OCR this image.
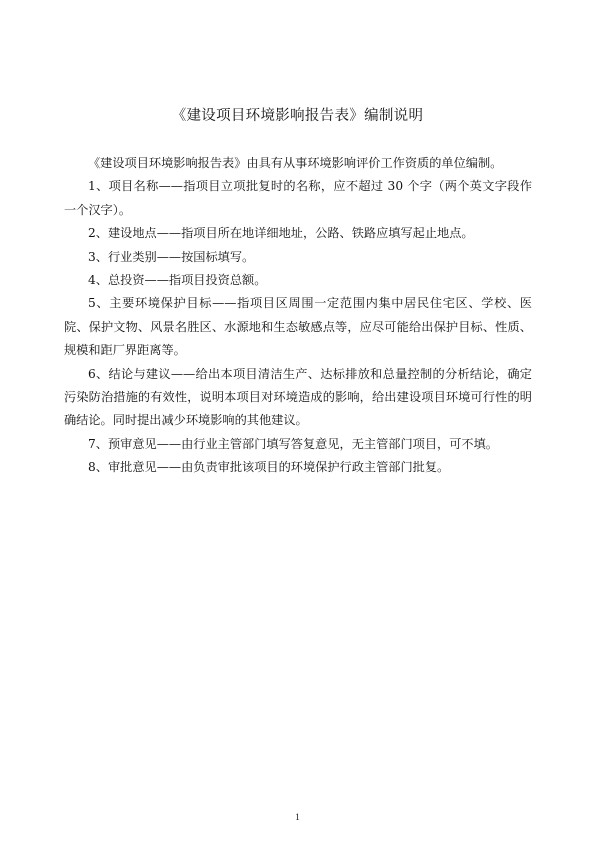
《建设项目环境影响报告表》编制说明

《建设项目环境影响报告表》由具有从事环境影响评价工作资质的单位编制。

1、项目名称——指项目立项批复时的名称，应不超过 30 个字（两个英文字段作一个汉字）。

2、建设地点——指项目所在地详细地址，公路、铁路应填写起止地点。

3、行业类别——按国标填写。

4、总投资——指项目投资总额。

5、主要环境保护目标——指项目区周围一定范围内集中居民住宅区、学校、医院、保护文物、风景名胜区、水源地和生态敏感点等，应尽可能给出保护目标、性质、规模和距厂界距离等。

6、结论与建议——给出本项目清洁生产、达标排放和总量控制的分析结论，确定污染防治措施的有效性，说明本项目对环境造成的影响，给出建设项目环境可行性的明确结论。同时提出减少环境影响的其他建议。

7、预审意见——由行业主管部门填写答复意见，无主管部门项目，可不填。

8、审批意见——由负责审批该项目的环境保护行政主管部门批复。

1
